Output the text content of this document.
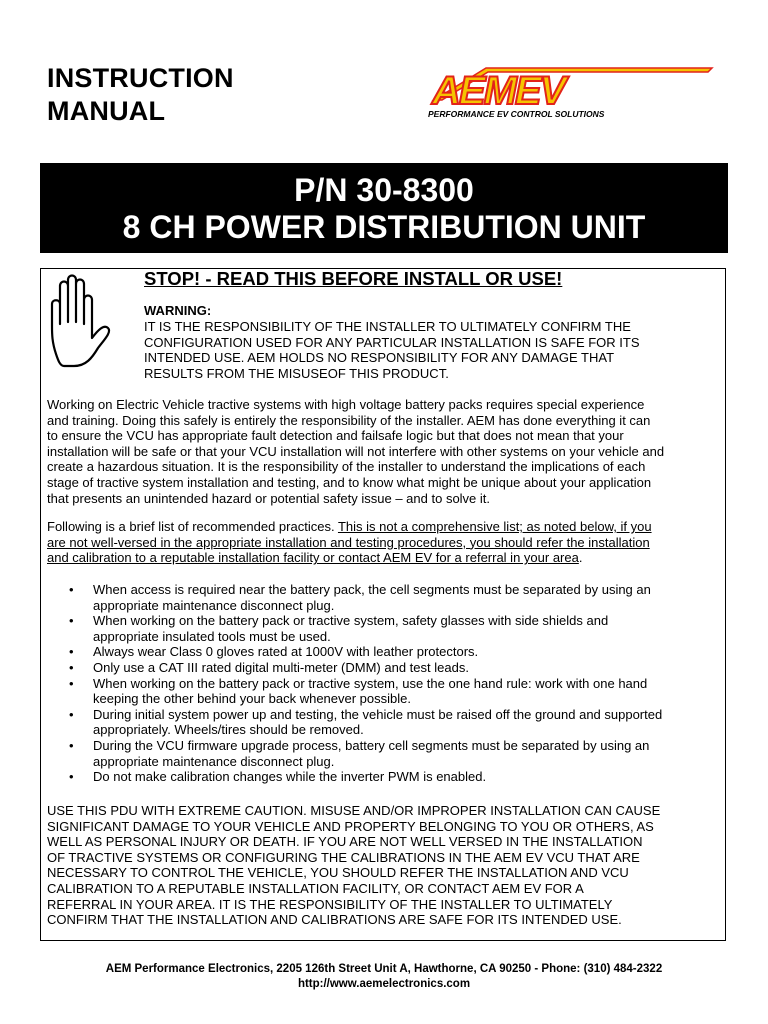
INSTRUCTION
MANUAL	AEMEV
PERFORMANCE EV CONTROL SOLUTIONS
P/N 30-8300
8 CH POWER DISTRIBUTION UNIT
STOP! - READ THIS BEFORE INSTALL OR USE!
WARNING:
IT IS THE RESPONSIBILITY OF THE INSTALLER TO ULTIMATELY CONFIRM THE
CONFIGURATION USED FOR ANY PARTICULAR INSTALLATION IS SAFE FOR ITS
INTENDED USE. AEM HOLDS NO RESPONSIBILITY FOR ANY DAMAGE THAT
RESULTS FROM THE MISUSEOF THIS PRODUCT.
Working on Electric Vehicle tractive systems with high voltage battery packs requires special experience
and training. Doing this safely is entirely the responsibility of the installer. AEM has done everything it can
to ensure the VCU has appropriate fault detection and failsafe logic but that does not mean that your
installation will be safe or that your VCU installation will not interfere with other systems on your vehicle and
create a hazardous situation. It is the responsibility of the installer to understand the implications of each
stage of tractive system installation and testing, and to know what might be unique about your application
that presents an unintended hazard or potential safety issue – and to solve it.
Following is a brief list of recommended practices. This is not a comprehensive list; as noted below, if you
are not well-versed in the appropriate installation and testing procedures, you should refer the installation
and calibration to a reputable installation facility or contact AEM EV for a referral in your area.
• When access is required near the battery pack, the cell segments must be separated by using an
appropriate maintenance disconnect plug.
• When working on the battery pack or tractive system, safety glasses with side shields and
appropriate insulated tools must be used.
• Always wear Class 0 gloves rated at 1000V with leather protectors.
• Only use a CAT III rated digital multi-meter (DMM) and test leads.
• When working on the battery pack or tractive system, use the one hand rule: work with one hand
keeping the other behind your back whenever possible.
• During initial system power up and testing, the vehicle must be raised off the ground and supported
appropriately. Wheels/tires should be removed.
• During the VCU firmware upgrade process, battery cell segments must be separated by using an
appropriate maintenance disconnect plug.
• Do not make calibration changes while the inverter PWM is enabled.
USE THIS PDU WITH EXTREME CAUTION. MISUSE AND/OR IMPROPER INSTALLATION CAN CAUSE
SIGNIFICANT DAMAGE TO YOUR VEHICLE AND PROPERTY BELONGING TO YOU OR OTHERS, AS
WELL AS PERSONAL INJURY OR DEATH. IF YOU ARE NOT WELL VERSED IN THE INSTALLATION
OF TRACTIVE SYSTEMS OR CONFIGURING THE CALIBRATIONS IN THE AEM EV VCU THAT ARE
NECESSARY TO CONTROL THE VEHICLE, YOU SHOULD REFER THE INSTALLATION AND VCU
CALIBRATION TO A REPUTABLE INSTALLATION FACILITY, OR CONTACT AEM EV FOR A
REFERRAL IN YOUR AREA. IT IS THE RESPONSIBILITY OF THE INSTALLER TO ULTIMATELY
CONFIRM THAT THE INSTALLATION AND CALIBRATIONS ARE SAFE FOR ITS INTENDED USE.
AEM Performance Electronics, 2205 126th Street Unit A, Hawthorne, CA 90250 - Phone: (310) 484-2322
http://www.aemelectronics.com
